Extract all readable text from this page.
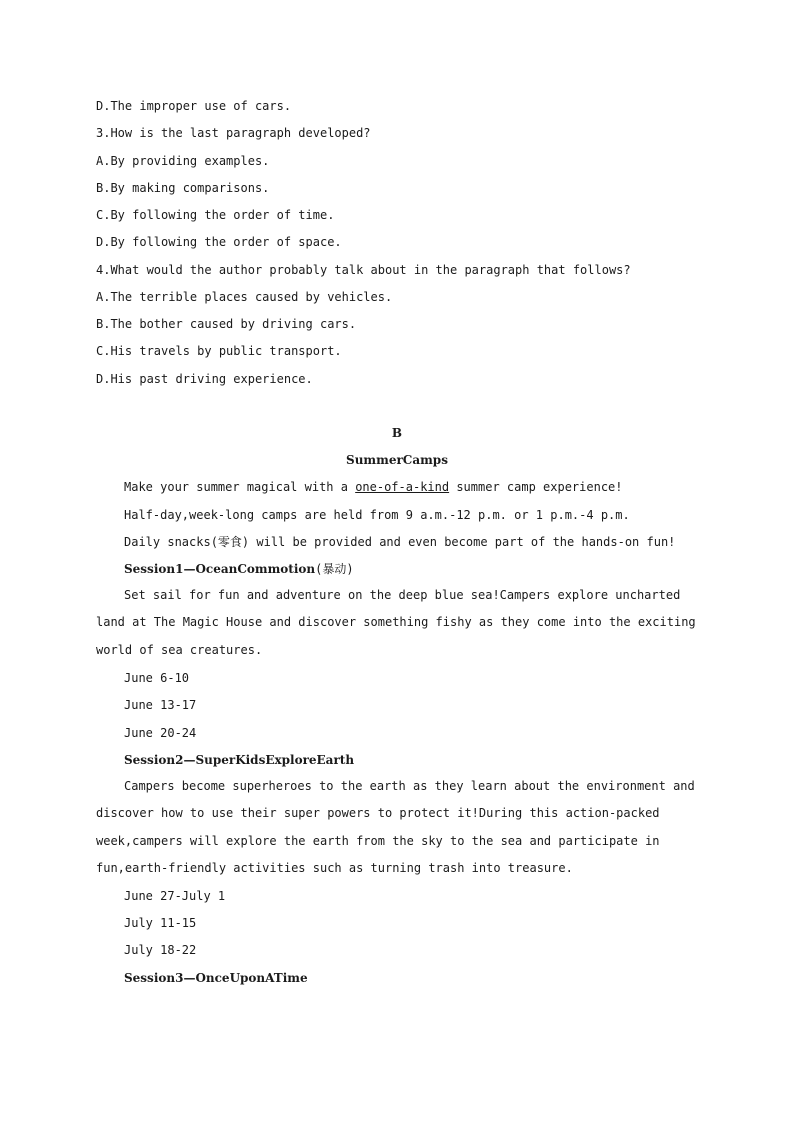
D.The improper use of cars.
3.How is the last paragraph developed?
A.By providing examples.
B.By making comparisons.
C.By following the order of time.
D.By following the order of space.
4.What would the author probably talk about in the paragraph that follows?
A.The terrible places caused by vehicles.
B.The bother caused by driving cars.
C.His travels by public transport.
D.His past driving experience.
B
SummerCamps
Make your summer magical with a one-of-a-kind summer camp experience!
Half-day,week-long camps are held from 9 a.m.-12 p.m. or 1 p.m.-4 p.m.
Daily snacks(零食) will be provided and even become part of the hands-on fun!
Session1—OceanCommotion(暴动)
Set sail for fun and adventure on the deep blue sea!Campers explore uncharted
land at The Magic House and discover something fishy as they come into the exciting
world of sea creatures.
June 6-10
June 13-17
June 20-24
Session2—SuperKidsExploreEarth
Campers become superheroes to the earth as they learn about the environment and
discover how to use their super powers to protect it!During this action-packed
week,campers will explore the earth from the sky to the sea and participate in
fun,earth-friendly activities such as turning trash into treasure.
June 27-July 1
July 11-15
July 18-22
Session3—OnceUponATime
